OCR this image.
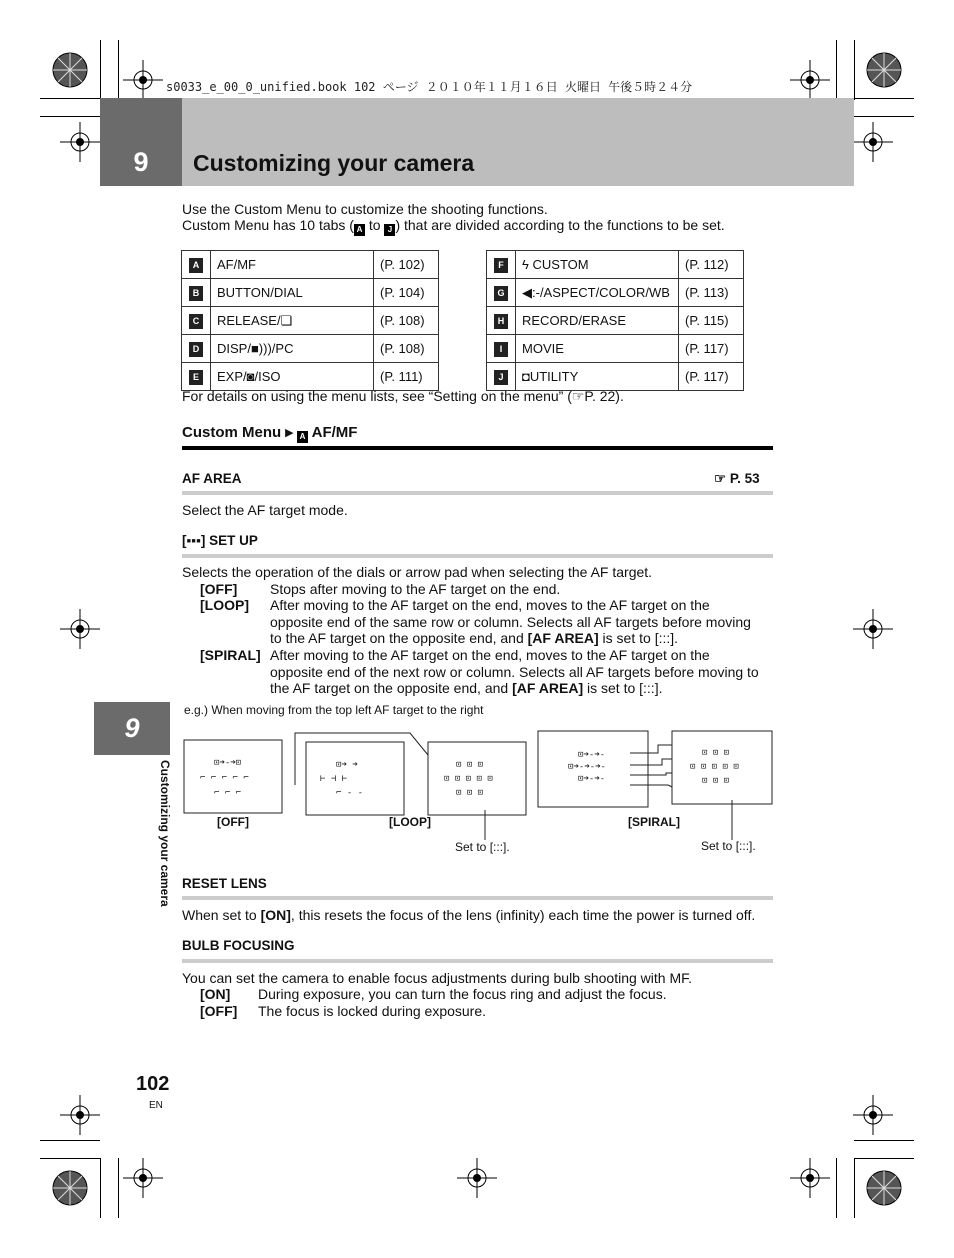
s0033_e_00_0_unified.book 102 ページ ２０１０年１１月１６日 火曜日 午後５時２４分
9	Customizing your camera
Use the Custom Menu to customize the shooting functions.
Custom Menu has 10 tabs ( A to J ) that are divided according to the functions to be set.
A	AF/MF	(P. 102)
B	BUTTON/DIAL	(P. 104)
C	RELEASE/❏	(P. 108)
D	DISP/■)))/PC	(P. 108)
E	EXP/◙/ISO	(P. 111)
F	ϟ CUSTOM	(P. 112)
G	◀:-/ASPECT/COLOR/WB	(P. 113)
H	RECORD/ERASE	(P. 115)
I	MOVIE	(P. 117)
J	◘UTILITY	(P. 117)
For details on using the menu lists, see “Setting on the menu” (☞P. 22).
Custom Menu ▸ A AF/MF
AF AREA	☞ P. 53
Select the AF target mode.
[▪▪▪] SET UP
Selects the operation of the dials or arrow pad when selecting the AF target.
[OFF] Stops after moving to the AF target on the end.
[LOOP] After moving to the AF target on the end, moves to the AF target on the
opposite end of the same row or column. Selects all AF targets before moving
to the AF target on the opposite end, and [AF AREA] is set to [:::].
[SPIRAL] After moving to the AF target on the end, moves to the AF target on the
opposite end of the next row or column. Selects all AF targets before moving to
the AF target on the opposite end, and [AF AREA] is set to [:::].
e.g.) When moving from the top left AF target to the right
⊡➜‐➜⊡
⌐ ⌐ ⌐ ⌐ ⌐
⌐ ⌐ ⌐
⊡➜ ➜
⊢ ⊣ ⊢
⌐ ‐ ‐
⊡ ⊡ ⊡
⊡ ⊡ ⊡ ⊡ ⊡
⊡ ⊡ ⊡
⊡➜‐➜‐
⊡➜‐➜‐➜‐
⊡➜‐➜‐
⊡ ⊡ ⊡
⊡ ⊡ ⊡ ⊡ ⊡
⊡ ⊡ ⊡
[OFF]	[LOOP]	[SPIRAL]
Set to [:::].	Set to [:::].
RESET LENS
When set to [ON], this resets the focus of the lens (infinity) each time the power is turned off.
BULB FOCUSING
You can set the camera to enable focus adjustments during bulb shooting with MF.
[ON] During exposure, you can turn the focus ring and adjust the focus.
[OFF] The focus is locked during exposure.
9
Customizing your camera
102
EN
